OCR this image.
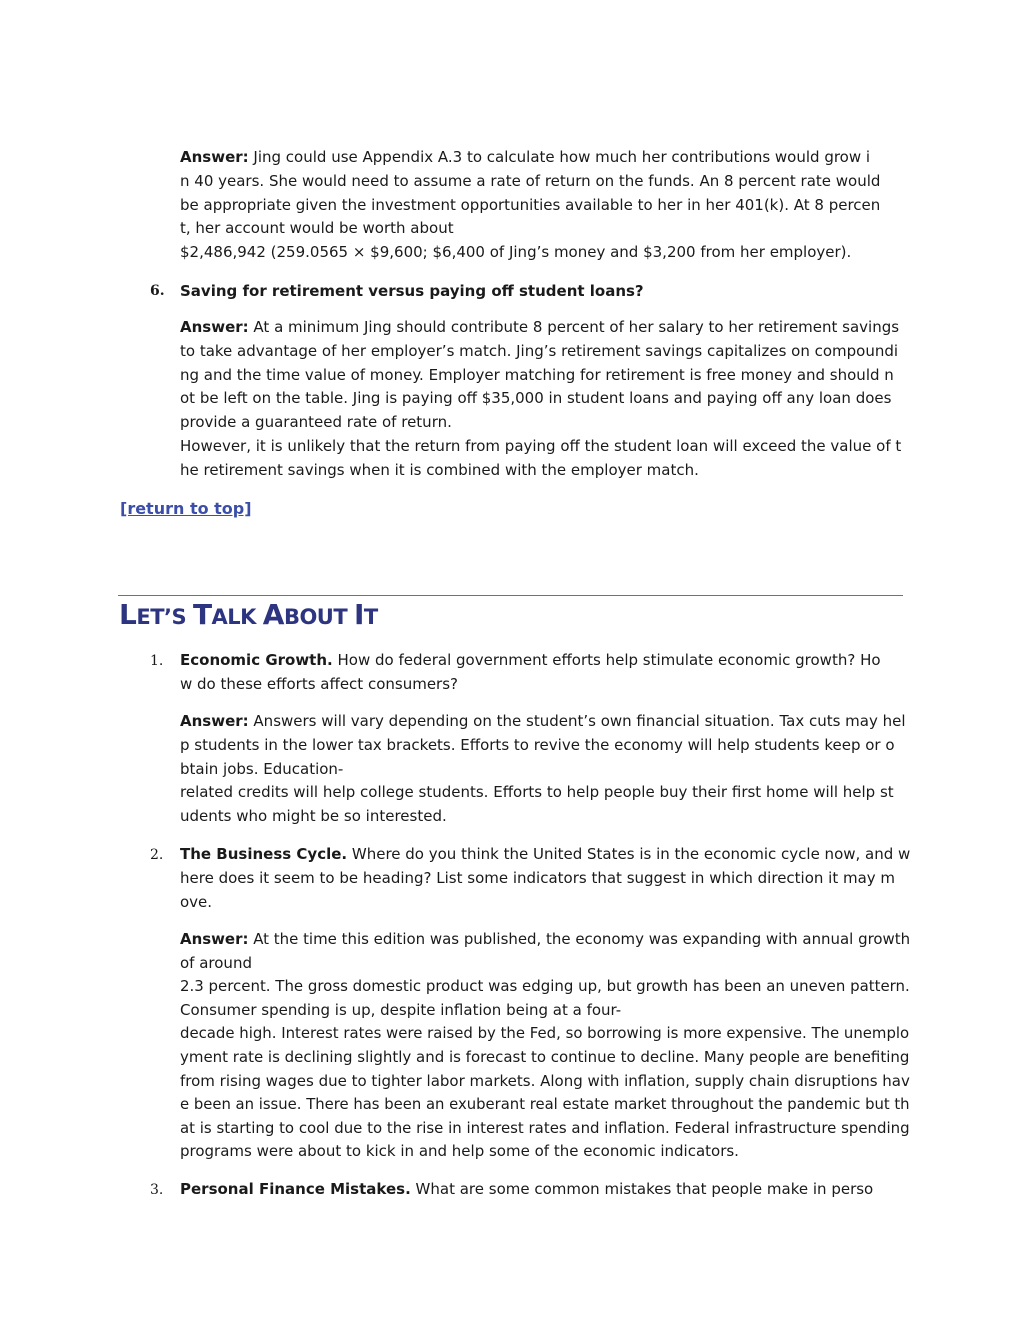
Answer: Jing could use Appendix A.3 to calculate how much her contributions would grow i
n 40 years. She would need to assume a rate of return on the funds. An 8 percent rate would
be appropriate given the investment opportunities available to her in her 401(k). At 8 percen
t, her account would be worth about
$2,486,942 (259.0565 × $9,600; $6,400 of Jing’s money and $3,200 from her employer).
6. Saving for retirement versus paying off student loans?
Answer: At a minimum Jing should contribute 8 percent of her salary to her retirement savings
to take advantage of her employer’s match. Jing’s retirement savings capitalizes on compoundi
ng and the time value of money. Employer matching for retirement is free money and should n
ot be left on the table. Jing is paying off $35,000 in student loans and paying off any loan does
provide a guaranteed rate of return.
However, it is unlikely that the return from paying off the student loan will exceed the value of t
he retirement savings when it is combined with the employer match.
[return to top]
LET’S TALK ABOUT IT
1. Economic Growth. How do federal government efforts help stimulate economic growth? Ho
w do these efforts affect consumers?
Answer: Answers will vary depending on the student’s own financial situation. Tax cuts may hel
p students in the lower tax brackets. Efforts to revive the economy will help students keep or o
btain jobs. Education-
related credits will help college students. Efforts to help people buy their first home will help st
udents who might be so interested.
2. The Business Cycle. Where do you think the United States is in the economic cycle now, and w
here does it seem to be heading? List some indicators that suggest in which direction it may m
ove.
Answer: At the time this edition was published, the economy was expanding with annual growth
of around
2.3 percent. The gross domestic product was edging up, but growth has been an uneven pattern.
Consumer spending is up, despite inflation being at a four-
decade high. Interest rates were raised by the Fed, so borrowing is more expensive. The unemplo
yment rate is declining slightly and is forecast to continue to decline. Many people are benefiting
from rising wages due to tighter labor markets. Along with inflation, supply chain disruptions hav
e been an issue. There has been an exuberant real estate market throughout the pandemic but th
at is starting to cool due to the rise in interest rates and inflation. Federal infrastructure spending
programs were about to kick in and help some of the economic indicators.
3. Personal Finance Mistakes. What are some common mistakes that people make in perso
